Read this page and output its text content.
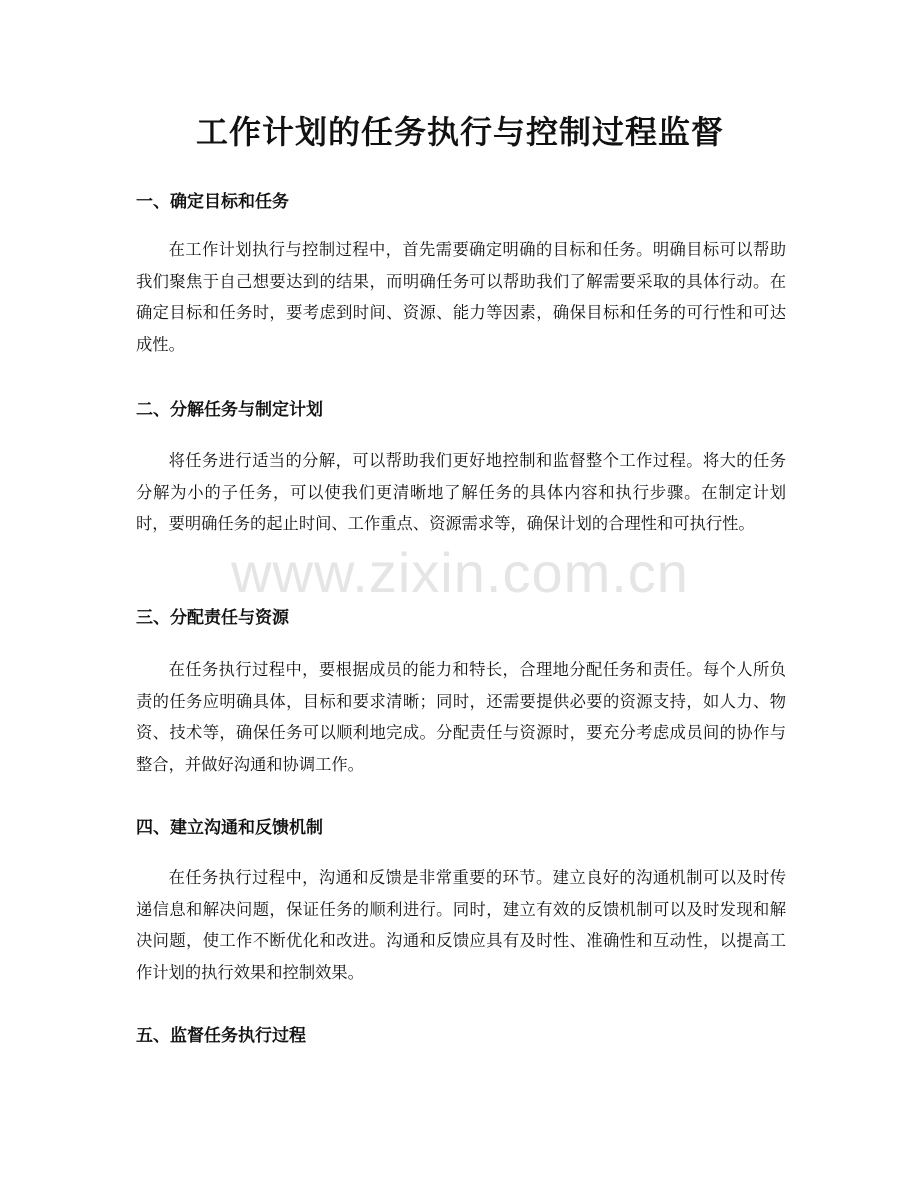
工作计划的任务执行与控制过程监督
一、确定目标和任务

在工作计划执行与控制过程中，首先需要确定明确的目标和任务。明确目标可以帮助我们聚焦于自己想要达到的结果，而明确任务可以帮助我们了解需要采取的具体行动。在确定目标和任务时，要考虑到时间、资源、能力等因素，确保目标和任务的可行性和可达成性。

二、分解任务与制定计划

将任务进行适当的分解，可以帮助我们更好地控制和监督整个工作过程。将大的任务分解为小的子任务，可以使我们更清晰地了解任务的具体内容和执行步骤。在制定计划时，要明确任务的起止时间、工作重点、资源需求等，确保计划的合理性和可执行性。

三、分配责任与资源

在任务执行过程中，要根据成员的能力和特长，合理地分配任务和责任。每个人所负责的任务应明确具体，目标和要求清晰；同时，还需要提供必要的资源支持，如人力、物资、技术等，确保任务可以顺利地完成。分配责任与资源时，要充分考虑成员间的协作与整合，并做好沟通和协调工作。

四、建立沟通和反馈机制

在任务执行过程中，沟通和反馈是非常重要的环节。建立良好的沟通机制可以及时传递信息和解决问题，保证任务的顺利进行。同时，建立有效的反馈机制可以及时发现和解决问题，使工作不断优化和改进。沟通和反馈应具有及时性、准确性和互动性，以提高工作计划的执行效果和控制效果。

五、监督任务执行过程
www.zixin.com.cn
